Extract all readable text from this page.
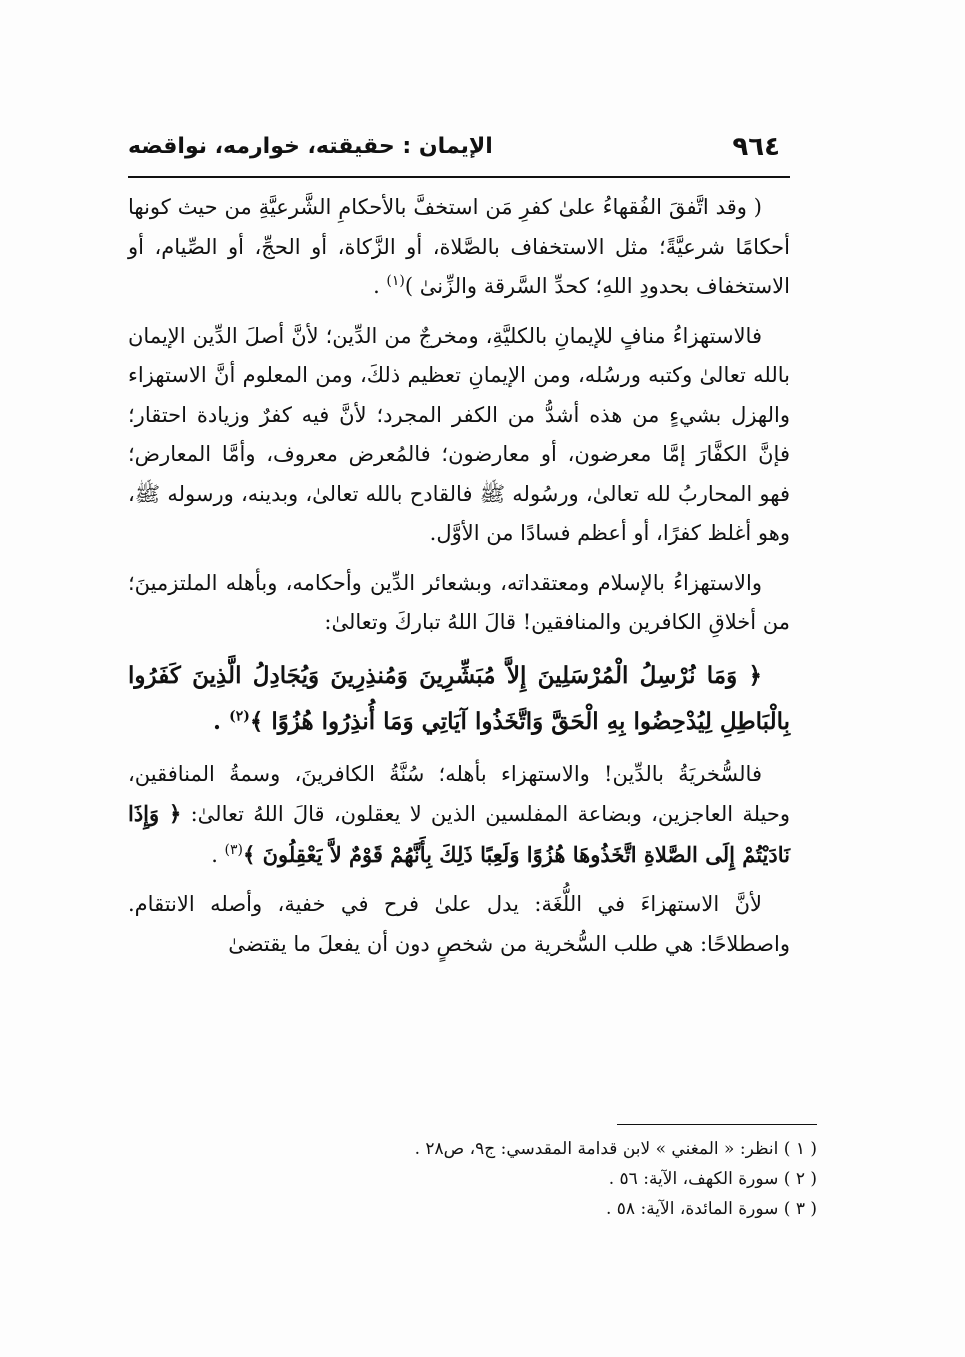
٩٦٤
الإيمان : حقيقته، خوارمه، نواقضه

( وقد اتَّفقَ الفُقهاءُ علىٰ كفرِ مَن استخفَّ بالأحكامِ الشَّرعيَّةِ من حيث كونها أحكامًا شرعيَّةً؛ مثل الاستخفاف بالصَّلاة، أو الزَّكاة، أو الحجِّ، أو الصِّيام، أو الاستخفاف بحدودِ اللهِ؛ كحدِّ السَّرقة والزِّنىٰ )$^{(١)}$ .

فالاستهزاءُ منافٍ للإيمانِ بالكليَّةِ، ومخرجٌ من الدِّين؛ لأنَّ أصلَ الدِّين الإيمان بالله تعالىٰ وكتبه ورسُله، ومن الإيمانِ تعظيم ذلكَ، ومن المعلوم أنَّ الاستهزاء والهزل بشيءٍ من هذه أشدُّ من الكفر المجرد؛ لأنَّ فيه كفرٌ وزيادة احتقار؛ فإنَّ الكفَّارَ إمَّا معرضون، أو معارضون؛ فالمُعرض معروف، وأمَّا المعارض؛ فهو المحاربُ لله تعالىٰ، ورسُوله ﷺ فالقادح بالله تعالىٰ، وبدينه، ورسوله ﷺ، وهو أغلظ كفرًا، أو أعظم فسادًا من الأوَّل.

والاستهزاءُ بالإسلام ومعتقداته، وبشعائر الدِّين وأحكامه، وبأهله الملتزمينَ؛ من أخلاقِ الكافرين والمنافقين! قالَ اللهُ تباركَ وتعالىٰ:

﴿ وَمَا نُرْسِلُ الْمُرْسَلِينَ إِلاَّ مُبَشِّرِينَ وَمُنذِرِينَ وَيُجَادِلُ الَّذِينَ كَفَرُوا بِالْبَاطِلِ لِيُدْحِضُوا بِهِ الْحَقَّ وَاتَّخَذُوا آيَاتِي وَمَا أُنذِرُوا هُزُوًا ﴾$^{(٢)}$ .

فالسُّخريَةُ بالدِّين! والاستهزاء بأهله؛ سُنَّةُ الكافرينَ، وسمةُ المنافقين، وحيلة العاجزين، وبضاعة المفلسين الذين لا يعقلون، قالَ اللهُ تعالىٰ: ﴿ وَإِذَا نَادَيْتُمْ إِلَى الصَّلاةِ اتَّخَذُوهَا هُزُوًا وَلَعِبًا ذَلِكَ بِأَنَّهُمْ قَوْمٌ لاَّ يَعْقِلُونَ ﴾$^{(٣)}$ .

لأنَّ الاستهزاءَ في اللُّغَة: يدل علىٰ فرح في خفية، وأصله الانتقام. واصطلاحًا: هي طلب السُّخرية من شخصٍ دون أن يفعلَ ما يقتضىٰ

( ١ ) انظر: « المغني » لابن قدامة المقدسي: ج٩، ص٢٨ .

( ٢ ) سورة الكهف، الآية: ٥٦ .

( ٣ ) سورة المائدة، الآية: ٥٨ .
